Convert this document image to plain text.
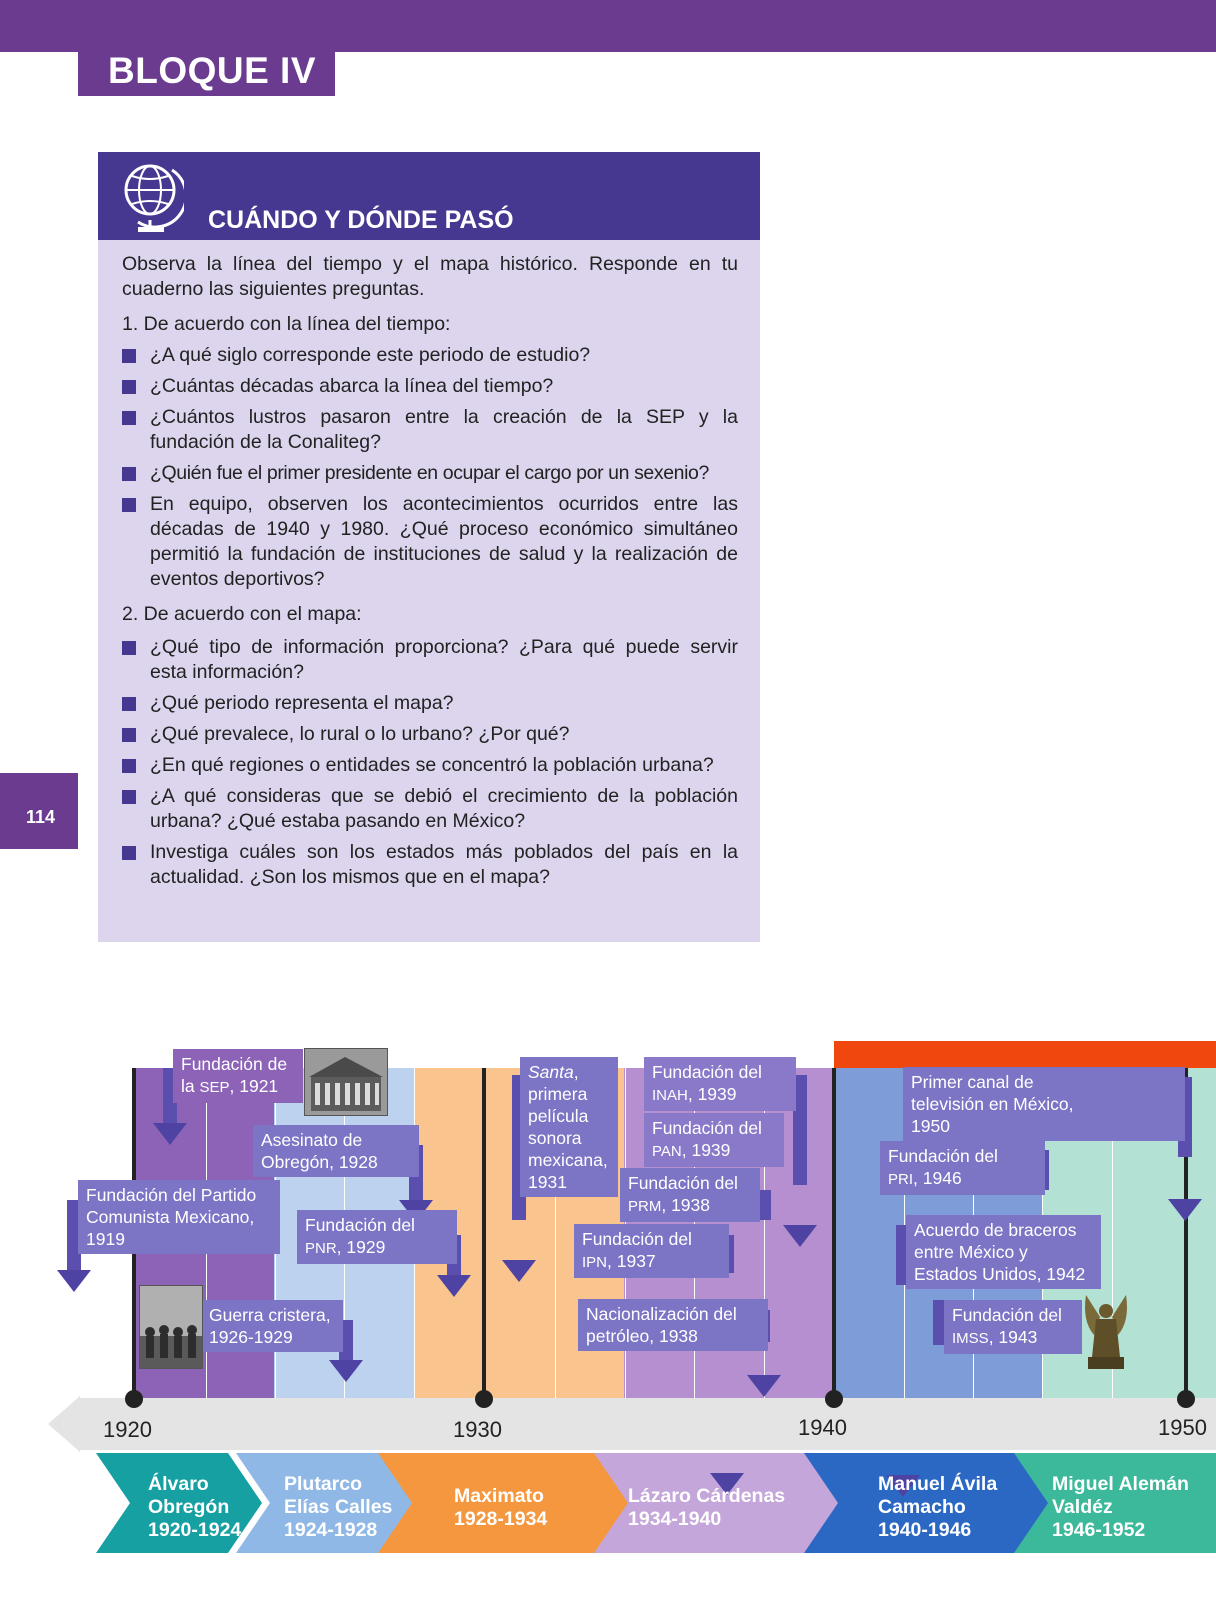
BLOQUE IV
114
CUÁNDO Y DÓNDE PASÓ

Observa la línea del tiempo y el mapa histórico. Responde en tu cuaderno las siguientes preguntas.

1. De acuerdo con la línea del tiempo:

¿A qué siglo corresponde este periodo de estudio?
¿Cuántas décadas abarca la línea del tiempo?
¿Cuántos lustros pasaron entre la creación de la SEP y la fundación de la Conaliteg?
¿Quién fue el primer presidente en ocupar el cargo por un sexenio?
En equipo, observen los acontecimientos ocurridos entre las décadas de 1940 y 1980. ¿Qué proceso económico simultáneo permitió la fundación de instituciones de salud y la realización de eventos deportivos?

2. De acuerdo con el mapa:

¿Qué tipo de información proporciona? ¿Para qué puede servir esta información?
¿Qué periodo representa el mapa?
¿Qué prevalece, lo rural o lo urbano? ¿Por qué?
¿En qué regiones o entidades se concentró la población urbana?
¿A qué consideras que se debió el crecimiento de la población urbana? ¿Qué estaba pasando en México?
Investiga cuáles son los estados más poblados del país en la actualidad. ¿Son los mismos que en el mapa?
1920	1930	1940	1950
Fundación de
la SEP, 1921
Asesinato de
Obregón, 1928
Fundación del Partido
Comunista Mexicano,
1919
Fundación del
PNR, 1929
Guerra cristera,
1926-1929
Santa,
primera
película
sonora
mexicana,
1931
Fundación del
INAH, 1939
Fundación del
PAN, 1939
Fundación del
PRM, 1938
Fundación del
IPN, 1937
Nacionalización del
petróleo, 1938
Primer canal de
televisión en México,
1950
Fundación del
PRI, 1946
Acuerdo de braceros
entre México y
Estados Unidos, 1942
Fundación del
IMSS, 1943
Álvaro
Obregón
1920-1924
Plutarco
Elías Calles
1924-1928
Maximato
1928-1934
Lázaro Cárdenas
1934-1940
Manuel Ávila
Camacho
1940-1946
Miguel Alemán
Valdéz
1946-1952
